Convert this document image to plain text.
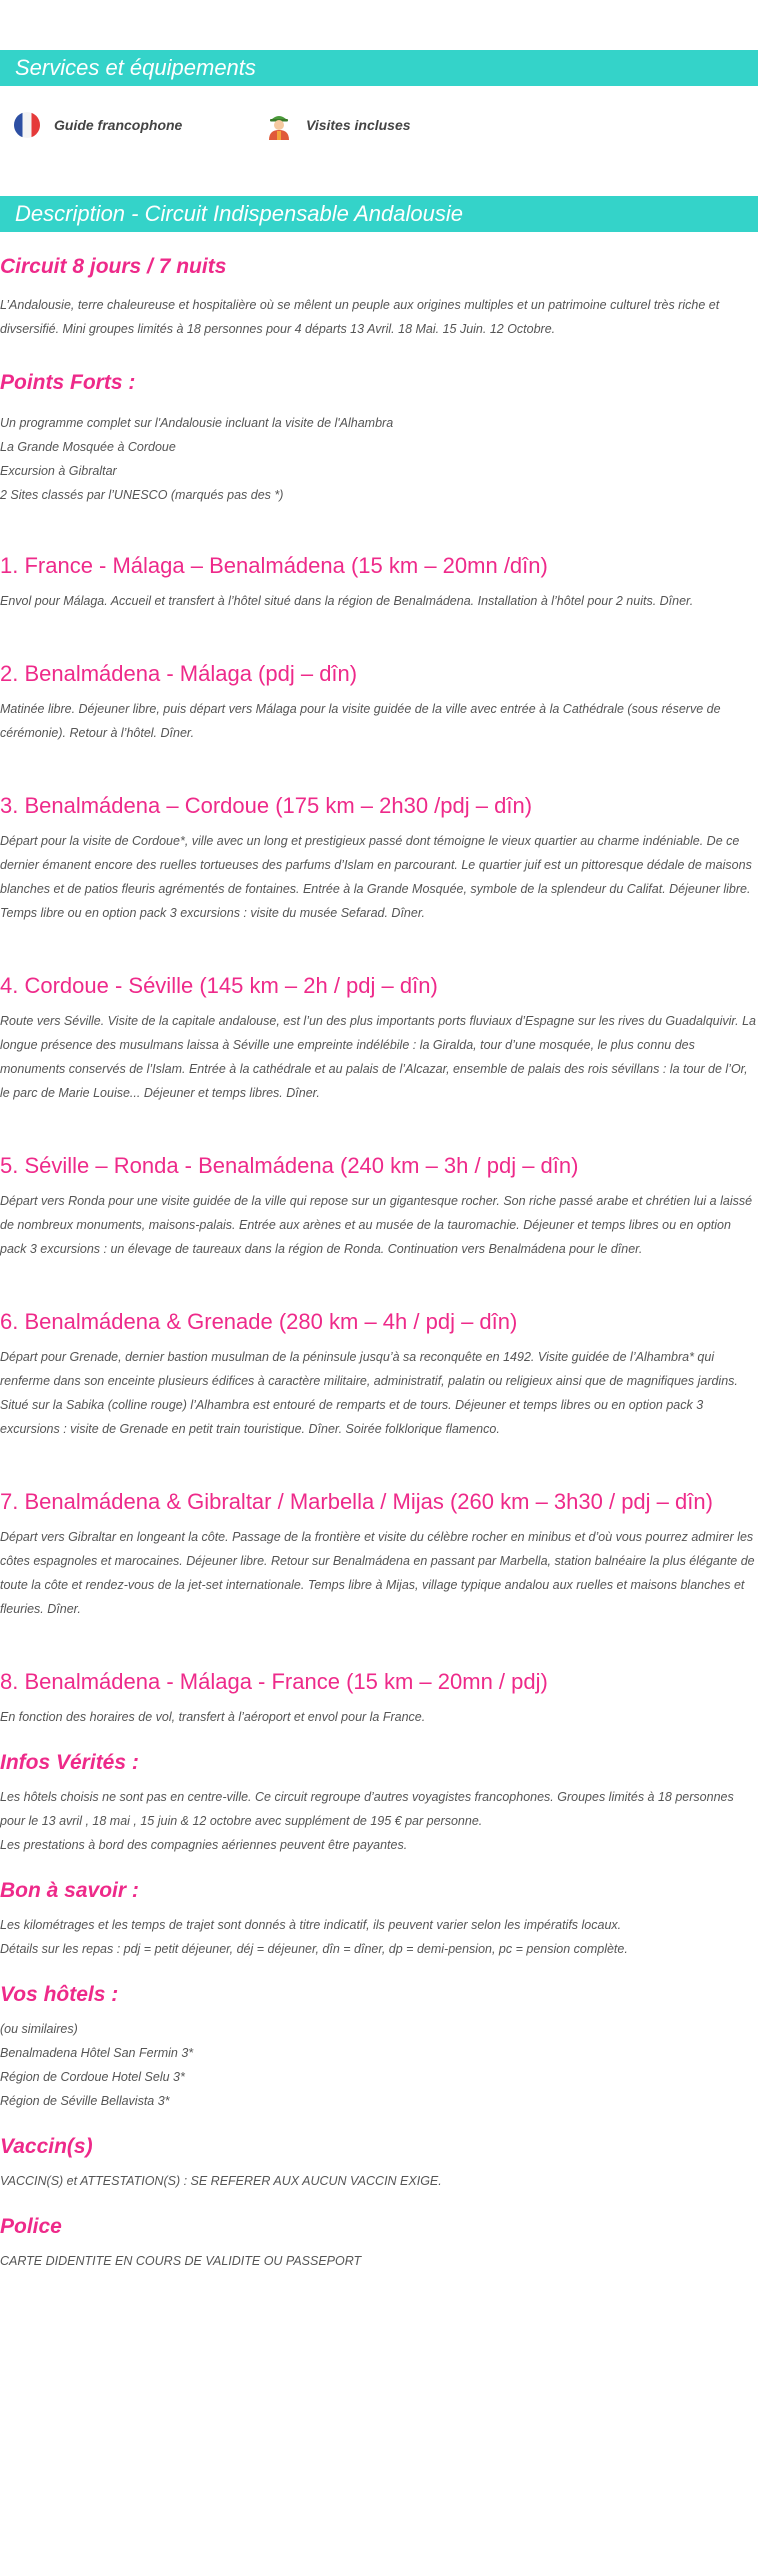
Services et équipements
Guide francophone	Visites incluses
Description - Circuit Indispensable Andalousie
Circuit 8 jours / 7 nuits

L’Andalousie, terre chaleureuse et hospitalière où se mêlent un peuple aux origines multiples et un patrimoine culturel très riche et divsersifié. Mini groupes limités à 18 personnes pour 4 départs 13 Avril. 18 Mai. 15 Juin. 12 Octobre.

Points Forts :

Un programme complet sur l'Andalousie incluant la visite de l'Alhambra

La Grande Mosquée à Cordoue

Excursion à Gibraltar

2 Sites classés par l’UNESCO (marqués pas des *)

1. France - Málaga – Benalmádena (15 km – 20mn /dîn)

Envol pour Málaga. Accueil et transfert à l’hôtel situé dans la région de Benalmádena. Installation à l’hôtel pour 2 nuits. Dîner.

2. Benalmádena - Málaga (pdj – dîn)

Matinée libre. Déjeuner libre, puis départ vers Málaga pour la visite guidée de la ville avec entrée à la Cathédrale (sous réserve de cérémonie). Retour à l’hôtel. Dîner.

3. Benalmádena – Cordoue (175 km – 2h30 /pdj – dîn)

Départ pour la visite de Cordoue*, ville avec un long et prestigieux passé dont témoigne le vieux quartier au charme indéniable. De ce dernier émanent encore des ruelles tortueuses des parfums d’Islam en parcourant. Le quartier juif est un pittoresque dédale de maisons blanches et de patios fleuris agrémentés de fontaines. Entrée à la Grande Mosquée, symbole de la splendeur du Califat. Déjeuner libre. Temps libre ou en option pack 3 excursions : visite du musée Sefarad. Dîner.

4. Cordoue - Séville (145 km – 2h / pdj – dîn)

Route vers Séville. Visite de la capitale andalouse, est l’un des plus importants ports fluviaux d’Espagne sur les rives du Guadalquivir. La longue présence des musulmans laissa à Séville une empreinte indélébile : la Giralda, tour d’une mosquée, le plus connu des monuments conservés de l’Islam. Entrée à la cathédrale et au palais de l’Alcazar, ensemble de palais des rois sévillans : la tour de l’Or, le parc de Marie Louise... Déjeuner et temps libres. Dîner.

5. Séville – Ronda - Benalmádena (240 km – 3h / pdj – dîn)

Départ vers Ronda pour une visite guidée de la ville qui repose sur un gigantesque rocher. Son riche passé arabe et chrétien lui a laissé de nombreux monuments, maisons-palais. Entrée aux arènes et au musée de la tauromachie. Déjeuner et temps libres ou en option pack 3 excursions : un élevage de taureaux dans la région de Ronda. Continuation vers Benalmádena pour le dîner.

6. Benalmádena & Grenade (280 km – 4h / pdj – dîn)

Départ pour Grenade, dernier bastion musulman de la péninsule jusqu’à sa reconquête en 1492. Visite guidée de l’Alhambra* qui renferme dans son enceinte plusieurs édifices à caractère militaire, administratif, palatin ou religieux ainsi que de magnifiques jardins. Situé sur la Sabika (colline rouge) l’Alhambra est entouré de remparts et de tours. Déjeuner et temps libres ou en option pack 3 excursions : visite de Grenade en petit train touristique. Dîner. Soirée folklorique flamenco.

7. Benalmádena & Gibraltar / Marbella / Mijas (260 km – 3h30 / pdj – dîn)

Départ vers Gibraltar en longeant la côte. Passage de la frontière et visite du célèbre rocher en minibus et d’où vous pourrez admirer les côtes espagnoles et marocaines. Déjeuner libre. Retour sur Benalmádena en passant par Marbella, station balnéaire la plus élégante de toute la côte et rendez-vous de la jet-set internationale. Temps libre à Mijas, village typique andalou aux ruelles et maisons blanches et fleuries. Dîner.

8. Benalmádena - Málaga - France (15 km – 20mn / pdj)

En fonction des horaires de vol, transfert à l’aéroport et envol pour la France.

Infos Vérités :

Les hôtels choisis ne sont pas en centre-ville. Ce circuit regroupe d’autres voyagistes francophones. Groupes limités à 18 personnes pour le 13 avril , 18 mai , 15 juin & 12 octobre avec supplément de 195 € par personne.

Les prestations à bord des compagnies aériennes peuvent être payantes.

Bon à savoir :

Les kilométrages et les temps de trajet sont donnés à titre indicatif, ils peuvent varier selon les impératifs locaux.

Détails sur les repas : pdj = petit déjeuner, déj = déjeuner, dîn = dîner, dp = demi-pension, pc = pension complète.

Vos hôtels :

(ou similaires)

Benalmadena Hôtel San Fermin 3*

Région de Cordoue Hotel Selu 3*

Région de Séville Bellavista 3*

Vaccin(s)

VACCIN(S) et ATTESTATION(S) : SE REFERER AUX AUCUN VACCIN EXIGE.

Police

CARTE DIDENTITE EN COURS DE VALIDITE OU PASSEPORT
